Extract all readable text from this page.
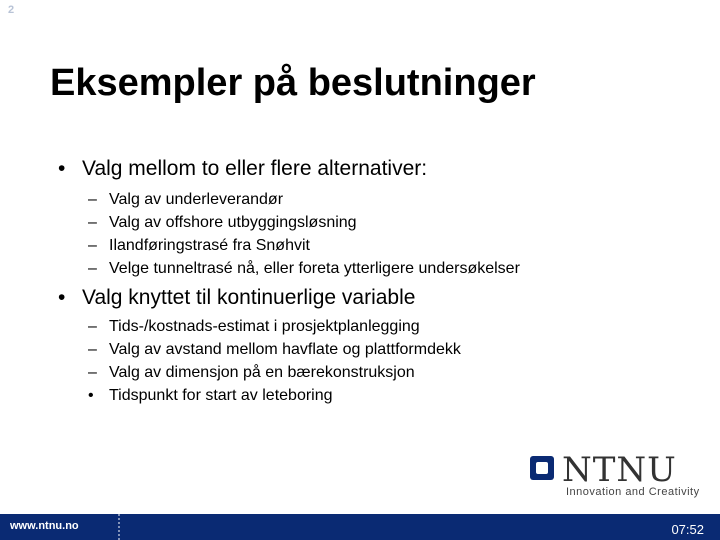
2
Eksempler på beslutninger
• Valg mellom to eller flere alternativer:
– Valg av underleverandør
– Valg av offshore utbyggingsløsning
– Ilandføringstrasé fra Snøhvit
– Velge tunneltrasé nå, eller foreta ytterligere undersøkelser
• Valg knyttet til kontinuerlige variable
– Tids-/kostnads-estimat i prosjektplanlegging
– Valg av avstand mellom havflate og plattformdekk
– Valg av dimensjon på en bærekonstruksjon
• Tidspunkt for start av leteboring
NTNU
Innovation and Creativity
www.ntnu.no	07:52
